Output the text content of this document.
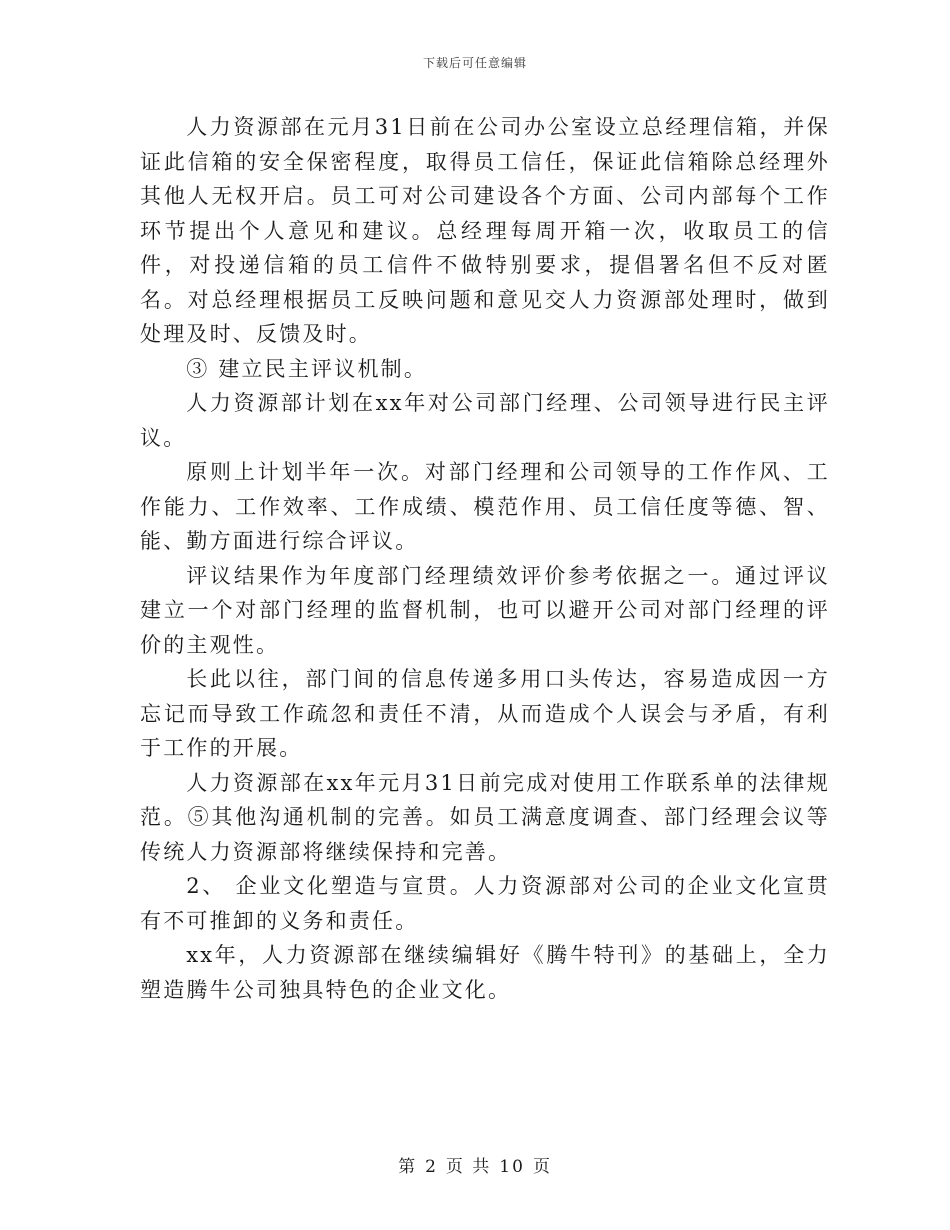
下载后可任意编辑

人力资源部在元月31日前在公司办公室设立总经理信箱，并保证此信箱的安全保密程度，取得员工信任，保证此信箱除总经理外其他人无权开启。员工可对公司建设各个方面、公司内部每个工作环节提出个人意见和建议。总经理每周开箱一次，收取员工的信件，对投递信箱的员工信件不做特别要求，提倡署名但不反对匿名。对总经理根据员工反映问题和意见交人力资源部处理时，做到处理及时、反馈及时。

③ 建立民主评议机制。

人力资源部计划在xx年对公司部门经理、公司领导进行民主评议。

原则上计划半年一次。对部门经理和公司领导的工作作风、工作能力、工作效率、工作成绩、模范作用、员工信任度等德、智、能、勤方面进行综合评议。

评议结果作为年度部门经理绩效评价参考依据之一。通过评议建立一个对部门经理的监督机制，也可以避开公司对部门经理的评价的主观性。

长此以往，部门间的信息传递多用口头传达，容易造成因一方忘记而导致工作疏忽和责任不清，从而造成个人误会与矛盾，有利于工作的开展。

人力资源部在xx年元月31日前完成对使用工作联系单的法律规范。⑤其他沟通机制的完善。如员工满意度调查、部门经理会议等传统人力资源部将继续保持和完善。

2、 企业文化塑造与宣贯。人力资源部对公司的企业文化宣贯有不可推卸的义务和责任。

xx年，人力资源部在继续编辑好《腾牛特刊》的基础上，全力塑造腾牛公司独具特色的企业文化。

第 2 页 共 10 页
